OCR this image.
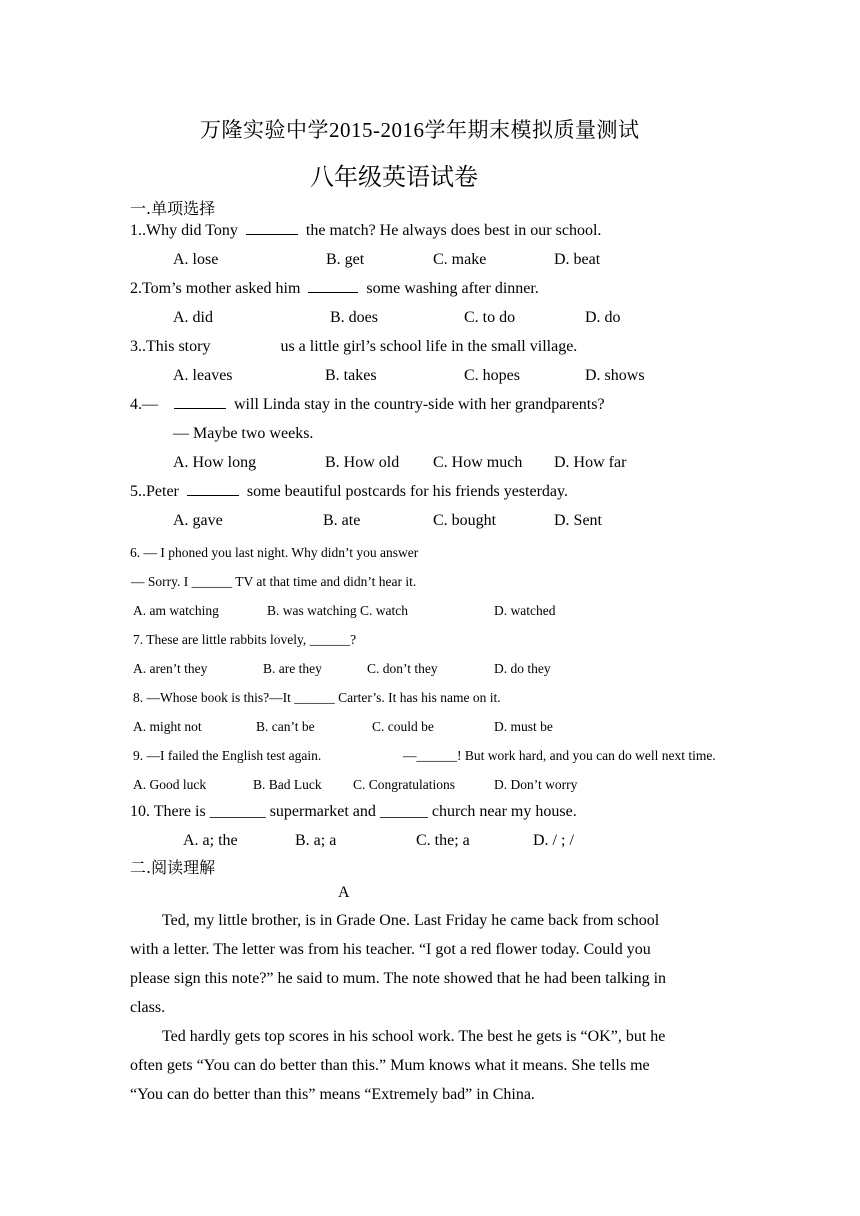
万隆实验中学2015-2016学年期末模拟质量测试
八年级英语试卷
一.单项选择
1..Why did Tony	the match? He always does best in our school.
A. lose	B. get	C. make	D. beat
2.Tom’s mother asked him	some washing after dinner.
A. did	B. does	C. to do	D. do
3..This story	us a little girl’s school life in the small village.
A. leaves	B. takes	C. hopes	D. shows
4.—	will Linda stay in the country-side with her grandparents?
— Maybe two weeks.
A. How long	B. How old C. How much D. How far
5..Peter	some beautiful postcards for his friends yesterday.
A. gave	B. ate	C. bought	D. Sent
6. — I phoned you last night. Why didn’t you answer
— Sorry. I ______ TV at that time and didn’t hear it.
A. am watching	B. was watching C. watch	D. watched
7. These are little rabbits lovely, ______?
A. aren’t they	B. are they	C. don’t they	D. do they
8. —Whose book is this?—It ______ Carter’s. It has his name on it.
A. might not	B. can’t be	C. could be	D. must be
9. —I failed the English test again.	—______! But work hard, and you can do well next time.
A. Good luck	B. Bad Luck C. Congratulations	D. Don’t worry
10. There is _______ supermarket and ______ church near my house.
A. a; the	B. a; a	C. the; a	D. / ; /
二.阅读理解
A
Ted, my little brother, is in Grade One. Last Friday he came back from school
with a letter. The letter was from his teacher. “I got a red flower today. Could you
please sign this note?” he said to mum. The note showed that he had been talking in
class.
Ted hardly gets top scores in his school work. The best he gets is “OK”, but he
often gets “You can do better than this.” Mum knows what it means. She tells me
“You can do better than this” means “Extremely bad” in China.
